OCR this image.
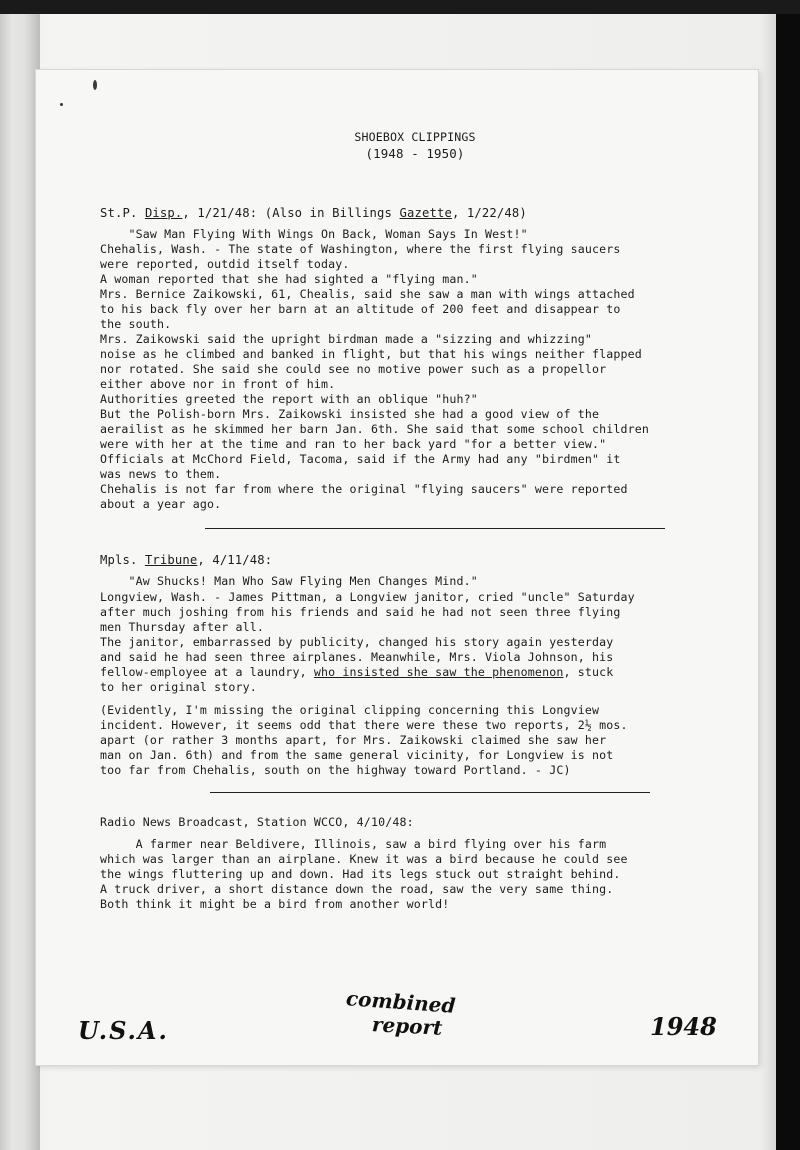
SHOEBOX CLIPPINGS
(1948 - 1950)
St.P. Disp., 1/21/48: (Also in Billings Gazette, 1/22/48)
"Saw Man Flying With Wings On Back, Woman Says In West!"
Chehalis, Wash. - The state of Washington, where the first flying saucers
were reported, outdid itself today.
A woman reported that she had sighted a "flying man."
Mrs. Bernice Zaikowski, 61, Chealis, said she saw a man with wings attached
to his back fly over her barn at an altitude of 200 feet and disappear to
the south.
Mrs. Zaikowski said the upright birdman made a "sizzing and whizzing"
noise as he climbed and banked in flight, but that his wings neither flapped
nor rotated. She said she could see no motive power such as a propellor
either above nor in front of him.
Authorities greeted the report with an oblique "huh?"
But the Polish-born Mrs. Zaikowski insisted she had a good view of the
aerailist as he skimmed her barn Jan. 6th. She said that some school children
were with her at the time and ran to her back yard "for a better view."
Officials at McChord Field, Tacoma, said if the Army had any "birdmen" it
was news to them.
Chehalis is not far from where the original "flying saucers" were reported
about a year ago.
Mpls. Tribune, 4/11/48:
"Aw Shucks! Man Who Saw Flying Men Changes Mind."
Longview, Wash. - James Pittman, a Longview janitor, cried "uncle" Saturday
after much joshing from his friends and said he had not seen three flying
men Thursday after all.
The janitor, embarrassed by publicity, changed his story again yesterday
and said he had seen three airplanes. Meanwhile, Mrs. Viola Johnson, his
fellow-employee at a laundry, who insisted she saw the phenomenon, stuck
to her original story.
(Evidently, I'm missing the original clipping concerning this Longview
incident. However, it seems odd that there were these two reports, 2½ mos.
apart (or rather 3 months apart, for Mrs. Zaikowski claimed she saw her
man on Jan. 6th) and from the same general vicinity, for Longview is not
too far from Chehalis, south on the highway toward Portland. - JC)
Radio News Broadcast, Station WCCO, 4/10/48:
A farmer near Beldivere, Illinois, saw a bird flying over his farm
which was larger than an airplane. Knew it was a bird because he could see
the wings fluttering up and down. Had its legs stuck out straight behind.
A truck driver, a short distance down the road, saw the very same thing.
Both think it might be a bird from another world!
U.S.A.
combined
report	1948
